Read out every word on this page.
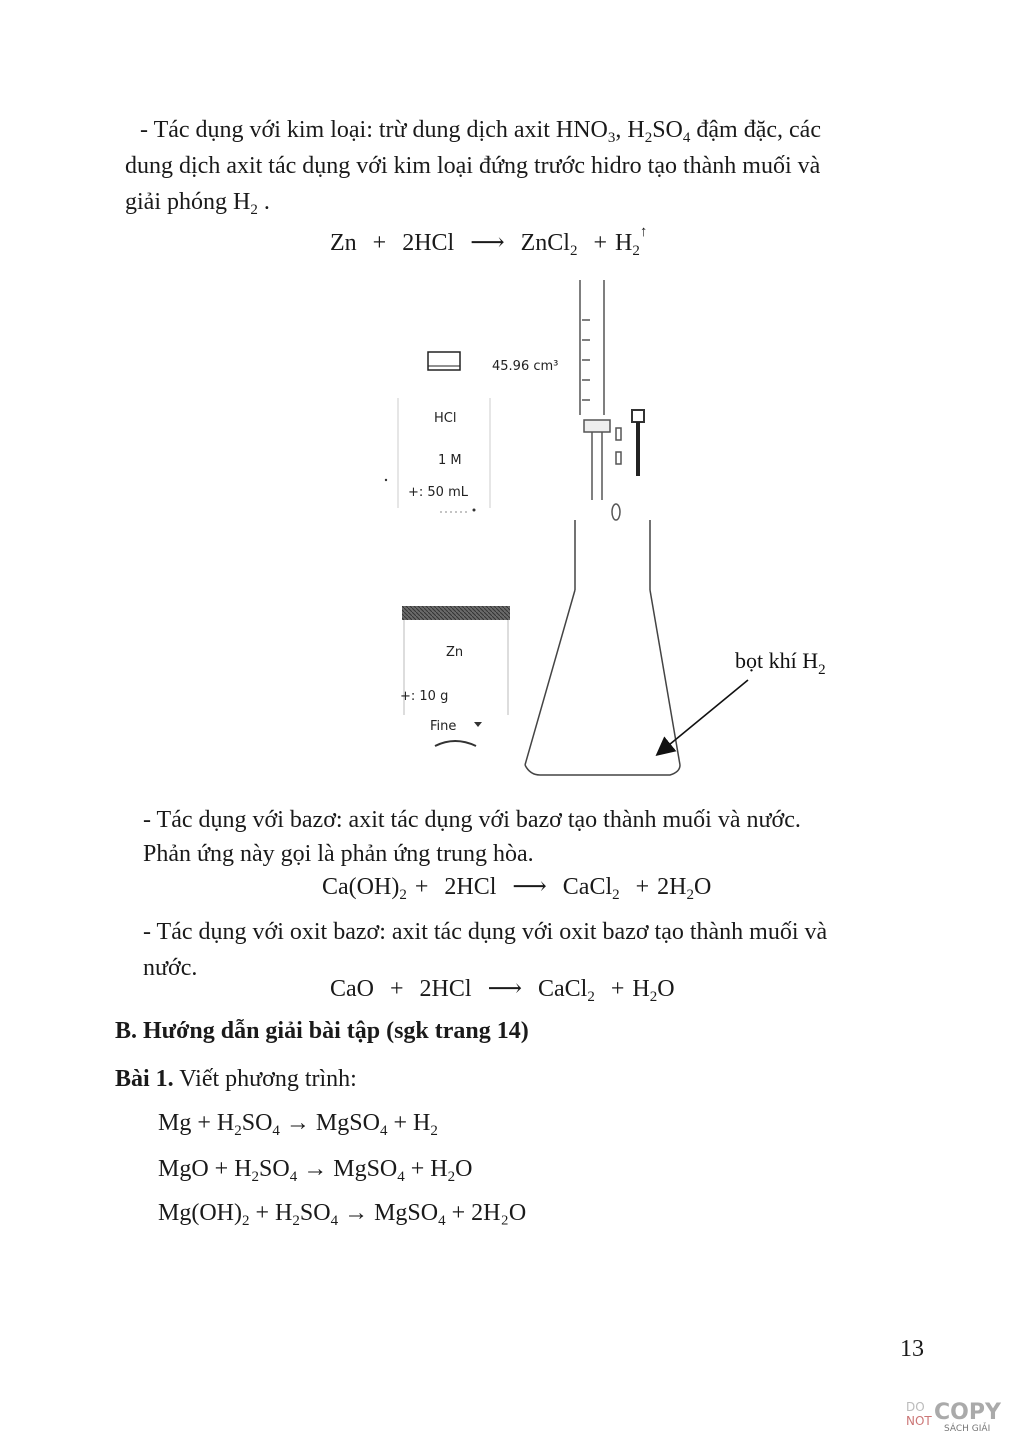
- Tác dụng với kim loại: trừ dung dịch axit $HNO_3$, $H_2SO_4$ đậm đặc, các

dung dịch axit tác dụng với kim loại đứng trước hidro tạo thành muối và

giải phóng $H_2$ .

Zn + 2HCl ⟶ ZnCl$_2$ + $H_2^↑$
45.96 cm³
HCl
1 M
+: 50 mL
Zn
+: 10 g
Fine
bọt khí $H_2$

- Tác dụng với bazơ: axit tác dụng với bazơ tạo thành muối và nước.

Phản ứng này gọi là phản ứng trung hòa.

$Ca(OH)_2 + 2HCl$ ⟶ CaCl$_2$ + $2H_2O$

- Tác dụng với oxit bazơ: axit tác dụng với oxit bazơ tạo thành muối và

nước.

CaO + 2HCl ⟶ CaCl$_2$ + $H_2O$
B. Hướng dẫn giải bài tập (sgk trang 14)
Bài 1. Viết phương trình:
$Mg + H_2SO_4$ → MgSO$_4$ + $H_2$
MgO + $H_2SO_4$ → MgSO$_4$ + $H_2O$
$Mg(OH)_2 + H_2SO_4$ → MgSO$_4$ + 2H₂O
13
DO
NOT COPY
SÁCH GIẢI
